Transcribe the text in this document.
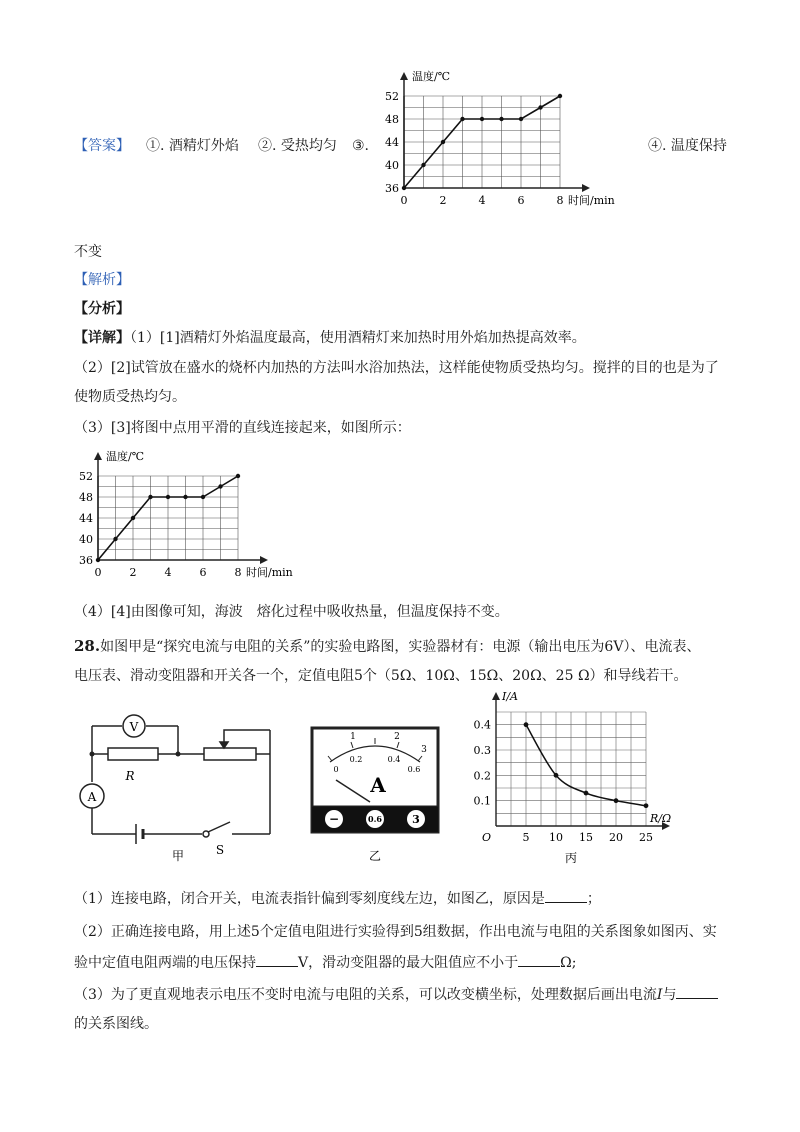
【答案】 ①. 酒精灯外焰 ②. 受热均匀 ③.	④. 温度保持
0	2	4	6	8
36
40
44
48
52
温度/℃
时间/min
不变
【解析】
【分析】
【详解】（1）[1]酒精灯外焰温度最高，使用酒精灯来加热时用外焰加热提高效率。
（2）[2]试管放在盛水的烧杯内加热的方法叫水浴加热法，这样能使物质受热均匀。搅拌的目的也是为了
使物质受热均匀。
（3）[3]将图中点用平滑的直线连接起来，如图所示：
0	2	4	6	8
36
40
44
48
52
温度/℃
时间/min
（4）[4]由图像可知，海波　熔化过程中吸收热量，但温度保持不变。
28.如图甲是“探究电流与电阻的关系”的实验电路图，实验器材有：电源（输出电压为6V）、电流表、
电压表、滑动变阻器和开关各一个，定值电阻5个（5Ω、10Ω、15Ω、20Ω、25 Ω）和导线若干。
V
A
R
S
甲
1	2
3
0
0.2	0.4
0.6
A
−	0.6	3
乙
5 10 15 20 25
0.1
0.2
0.3
0.4
O
I/A
R/Ω
丙
（1）连接电路，闭合开关，电流表指针偏到零刻度线左边，如图乙，原因是	；
（2）正确连接电路，用上述5个定值电阻进行实验得到5组数据，作出电流与电阻的关系图象如图丙、实
验中定值电阻两端的电压保持	V，滑动变阻器的最大阻值应不小于	Ω;
（3）为了更直观地表示电压不变时电流与电阻的关系，可以改变横坐标，处理数据后画出电流I与
的关系图线。
